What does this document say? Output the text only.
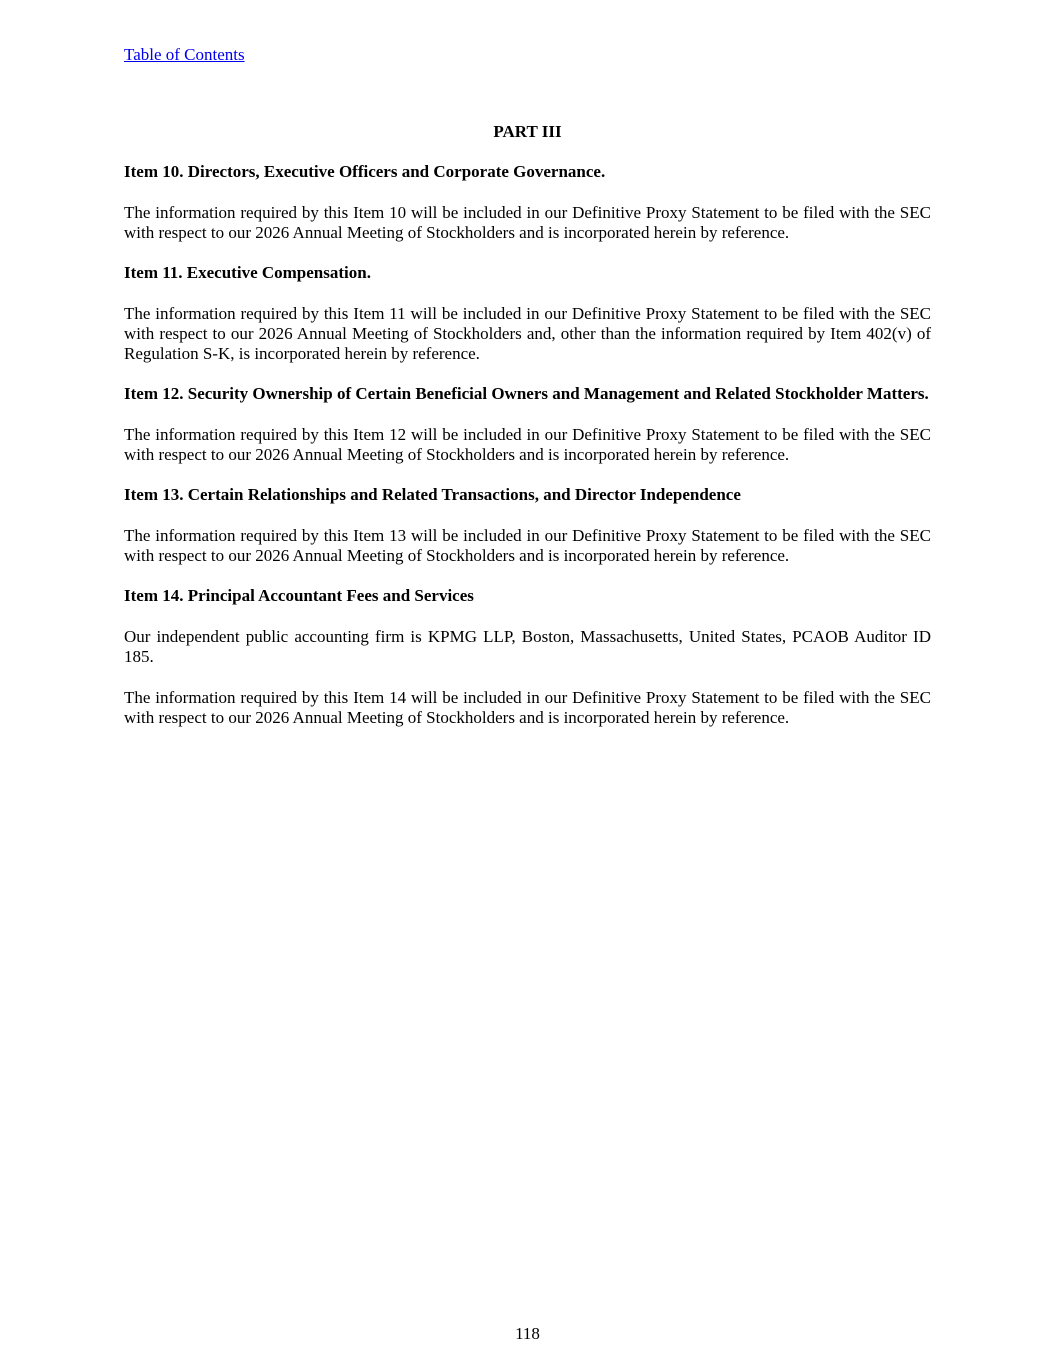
Table of Contents
PART III
Item 10. Directors, Executive Officers and Corporate Governance.

The information required by this Item 10 will be included in our Definitive Proxy Statement to be filed with the SEC with respect to our 2026 Annual Meeting of Stockholders and is incorporated herein by reference.

Item 11. Executive Compensation.

The information required by this Item 11 will be included in our Definitive Proxy Statement to be filed with the SEC with respect to our 2026 Annual Meeting of Stockholders and, other than the information required by Item 402(v) of Regulation S-K, is incorporated herein by reference.

Item 12. Security Ownership of Certain Beneficial Owners and Management and Related Stockholder Matters.

The information required by this Item 12 will be included in our Definitive Proxy Statement to be filed with the SEC with respect to our 2026 Annual Meeting of Stockholders and is incorporated herein by reference.

Item 13. Certain Relationships and Related Transactions, and Director Independence

The information required by this Item 13 will be included in our Definitive Proxy Statement to be filed with the SEC with respect to our 2026 Annual Meeting of Stockholders and is incorporated herein by reference.

Item 14. Principal Accountant Fees and Services

Our independent public accounting firm is KPMG LLP, Boston, Massachusetts, United States, PCAOB Auditor ID 185.

The information required by this Item 14 will be included in our Definitive Proxy Statement to be filed with the SEC with respect to our 2026 Annual Meeting of Stockholders and is incorporated herein by reference.

118
